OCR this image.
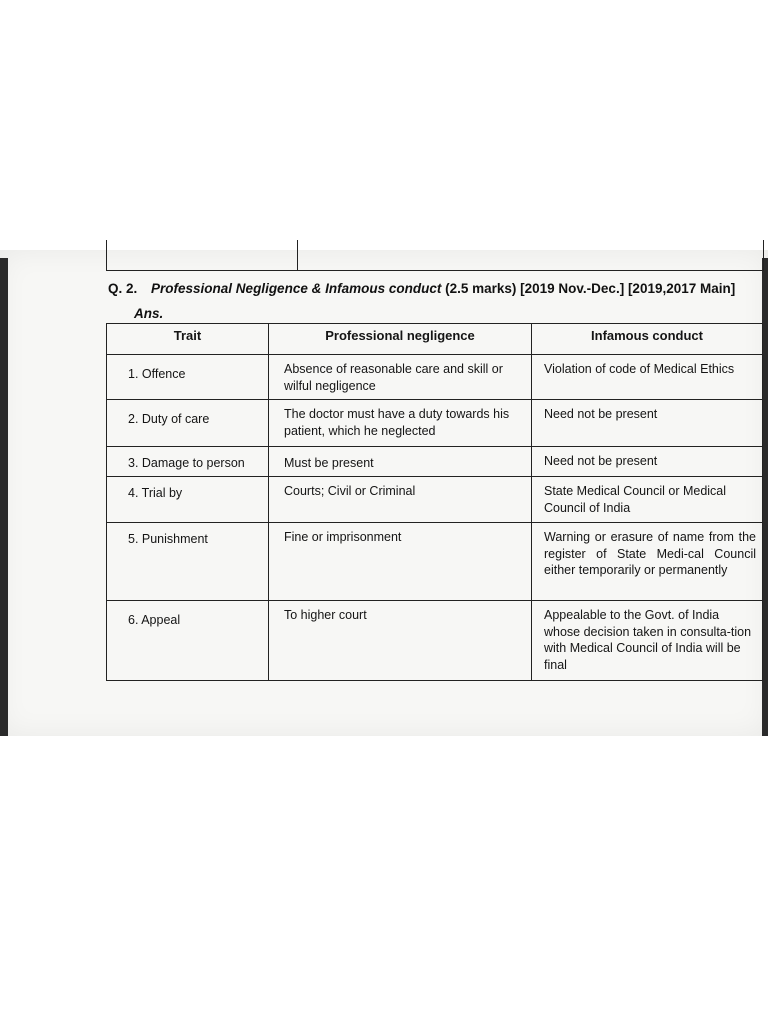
Q. 2. Professional Negligence & Infamous conduct (2.5 marks) [2019 Nov.-Dec.] [2019,2017 Main]
Ans.
Trait	Professional negligence	Infamous conduct
1. Offence	Absence of reasonable care and skill or wilful negligence	Violation of code of Medical Ethics
2. Duty of care	The doctor must have a duty towards his patient, which he neglected	Need not be present
3. Damage to person	Must be present	Need not be present
4. Trial by	Courts; Civil or Criminal	State Medical Council or Medical Council of India
5. Punishment	Fine or imprisonment	Warning or erasure of name from the register of State Medi-cal Council either temporarily or permanently
6. Appeal	To higher court	Appealable to the Govt. of India whose decision taken in consulta-tion with Medical Council of India will be final
